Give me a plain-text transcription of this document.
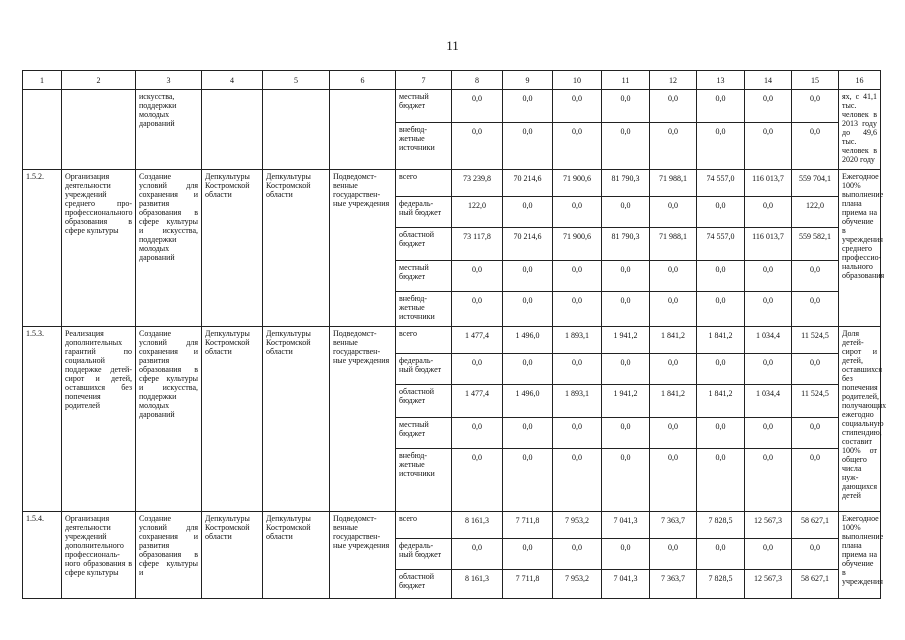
11
1	2	3	4	5	6	7	8	9	10	11	12	13	14	15	16
		искусства, поддержки молодых дарований				местный бюджет	0,0	0,0	0,0	0,0	0,0	0,0	0,0	0,0	ях, с 41,1 тыс. человек в 2013 году до 49,6 тыс. человек в 2020 году
						внебюд- жетные источники	0,0	0,0	0,0	0,0	0,0	0,0	0,0	0,0	
1.5.2.	Организация деятельности учреждений среднего про- профессионального образования в сфере культуры	Создание условий для сохранения и развития образования в сфере культуры и искусства, поддержки молодых дарований	Депкультуры Костромской области	Депкультуры Костромской области	Подведомст- венные государствен- ные учреждения	всего	73 239,8	70 214,6	71 900,6	81 790,3	71 988,1	74 557,0	116 013,7	559 704,1	Ежегодное 100% выполнение плана приема на обучение в учреждения среднего профессио- нального образования
						федераль- ный бюджет	122,0	0,0	0,0	0,0	0,0	0,0	0,0	122,0	
						областной бюджет	73 117,8	70 214,6	71 900,6	81 790,3	71 988,1	74 557,0	116 013,7	559 582,1	
						местный бюджет	0,0	0,0	0,0	0,0	0,0	0,0	0,0	0,0	
						внебюд- жетные источники	0,0	0,0	0,0	0,0	0,0	0,0	0,0	0,0	
1.5.3.	Реализация дополнительных гарантий по социальной поддержке детей- сирот и детей, оставшихся без попечения родителей	Создание условий для сохранения и развития образования в сфере культуры и искусства, поддержки молодых дарований	Депкультуры Костромской области	Депкультуры Костромской области	Подведомст- венные государствен- ные учреждения	всего	1 477,4	1 496,0	1 893,1	1 941,2	1 841,2	1 841,2	1 034,4	11 524,5	Доля детей- сирот и детей, оставшихся без попечения родителей, получающих ежегодно социальную стипендию, составит 100% от общего числа нуж- дающихся детей
						федераль- ный бюджет	0,0	0,0	0,0	0,0	0,0	0,0	0,0	0,0	
						областной бюджет	1 477,4	1 496,0	1 893,1	1 941,2	1 841,2	1 841,2	1 034,4	11 524,5	
						местный бюджет	0,0	0,0	0,0	0,0	0,0	0,0	0,0	0,0	
						внебюд- жетные источники	0,0	0,0	0,0	0,0	0,0	0,0	0,0	0,0	
1.5.4.	Организация деятельности учреждений дополнительного профессиональ- ного образования в сфере культуры	Создание условий для сохранения и развития образования в сфере культуры и	Депкультуры Костромской области	Депкультуры Костромской области	Подведомст- венные государствен- ные учреждения	всего	8 161,3	7 711,8	7 953,2	7 041,3	7 363,7	7 828,5	12 567,3	58 627,1	Ежегодное 100% выполнение плана приема на обучение в учреждения
						федераль- ный бюджет	0,0	0,0	0,0	0,0	0,0	0,0	0,0	0,0	
						областной бюджет	8 161,3	7 711,8	7 953,2	7 041,3	7 363,7	7 828,5	12 567,3	58 627,1	
